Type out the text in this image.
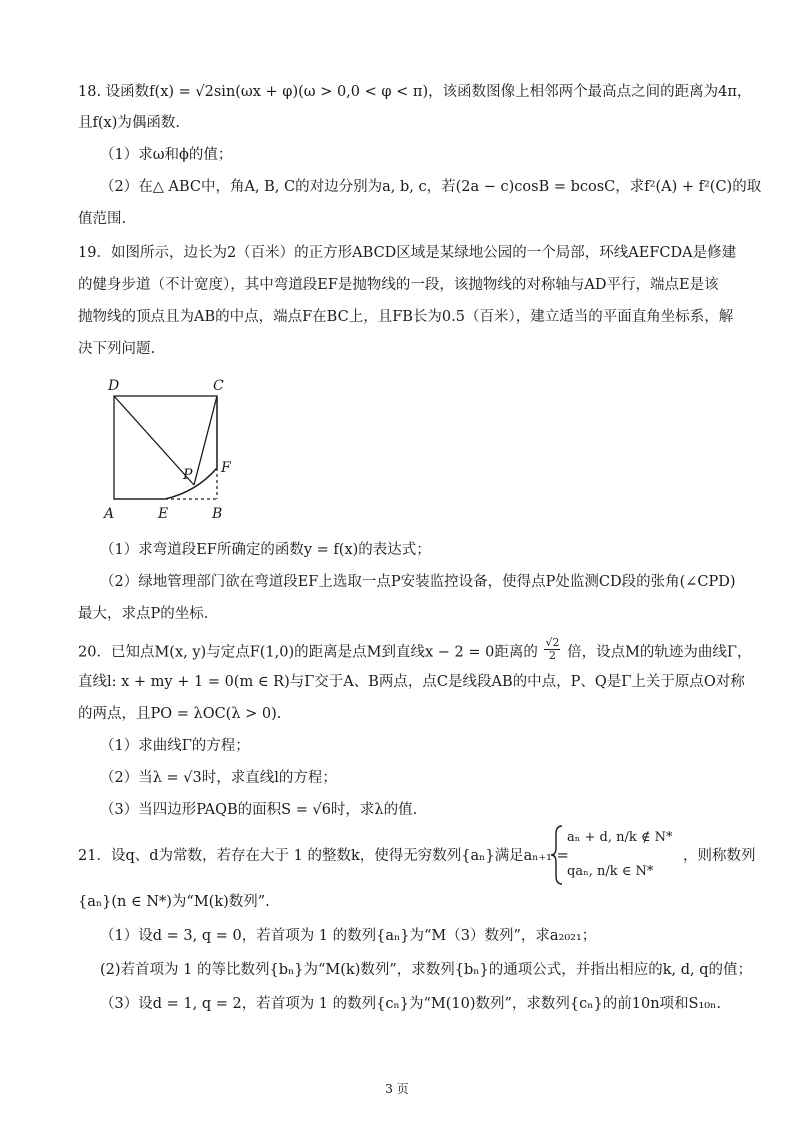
18. 设函数f(x) = √2sin(ωx + φ)(ω > 0,0 < φ < π)，该函数图像上相邻两个最高点之间的距离为4π，
且f(x)为偶函数.
（1）求ω和ϕ的值；
（2）在△ ABC中，角A, B, C的对边分别为a, b, c，若(2a − c)cosB = bcosC，求f²(A) + f²(C)的取
值范围.
19．如图所示，边长为2（百米）的正方形ABCD区域是某绿地公园的一个局部，环线AEFCDA是修建
的健身步道（不计宽度），其中弯道段EF是抛物线的一段，该抛物线的对称轴与AD平行，端点E是该
抛物线的顶点且为AB的中点，端点F在BC上，且FB长为0.5（百米），建立适当的平面直角坐标系，解
决下列问题.
D	C
P F
A	E	B
（1）求弯道段EF所确定的函数y = f(x)的表达式；
（2）绿地管理部门欲在弯道段EF上选取一点P安装监控设备，使得点P处监测CD段的张角(∠CPD)
最大，求点P的坐标.
20．已知点M(x, y)与定点F(1,0)的距离是点M到直线x − 2 = 0距离的 $\frac{√2}{2}$ 倍，设点M的轨迹为曲线Γ，
直线l: x + my + 1 = 0(m ∈ R)与Γ交于A、B两点，点C是线段AB的中点，P、Q是Γ上关于原点O对称
的两点，且PO = λOC(λ > 0).
（1）求曲线Γ的方程；
（2）当λ = √3时，求直线l的方程；
（3）当四边形PAQB的面积S = √6时，求λ的值.
21．设q、d为常数，若存在大于 1 的整数k，使得无穷数列{aₙ}满足aₙ₊₁ =
aₙ + d, n/k ∉ N*
qaₙ, n/k ∈ N*
，则称数列
{aₙ}(n ∈ N*)为“M(k)数列”.
（1）设d = 3, q = 0，若首项为 1 的数列{aₙ}为“M（3）数列”，求a₂₀₂₁；
(2)若首项为 1 的等比数列{bₙ}为“M(k)数列”，求数列{bₙ}的通项公式，并指出相应的k, d, q的值；
（3）设d = 1, q = 2，若首项为 1 的数列{cₙ}为“M(10)数列”，求数列{cₙ}的前10n项和S₁₀ₙ.
3 页
